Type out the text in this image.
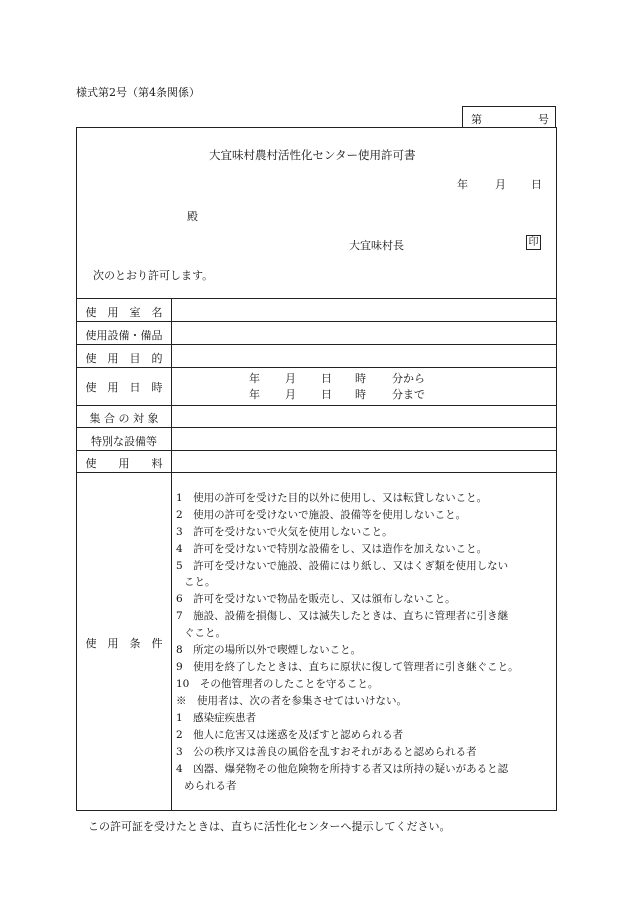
様式第2号（第4条関係）
第	号
大宜味村農村活性化センター使用許可書
年 月 日
殿
大宜味村長	印
次のとおり許可します。
使　用　室　名
使用設備・備品
使　用　目　的
使　用　日　時
集 合 の 対 象
特別な設備等
使　　用　　料
使　用　条　件
年 月 日 時 分から
年 月 日 時 分まで
1　使用の許可を受けた目的以外に使用し、又は転貸しないこと。
2　使用の許可を受けないで施設、設備等を使用しないこと。
3　許可を受けないで火気を使用しないこと。
4　許可を受けないで特別な設備をし、又は造作を加えないこと。
5　許可を受けないで施設、設備にはり紙し、又はくぎ類を使用しない
こと。
6　許可を受けないで物品を販売し、又は頒布しないこと。
7　施設、設備を損傷し、又は滅失したときは、直ちに管理者に引き継
ぐこと。
8　所定の場所以外で喫煙しないこと。
9　使用を終了したときは、直ちに原状に復して管理者に引き継ぐこと。
10　その他管理者のしたことを守ること。
※　使用者は、次の者を参集させてはいけない。
1　感染症疾患者
2　他人に危害又は迷惑を及ぼすと認められる者
3　公の秩序又は善良の風俗を乱すおそれがあると認められる者
4　凶器、爆発物その他危険物を所持する者又は所持の疑いがあると認
められる者
この許可証を受けたときは、直ちに活性化センターへ提示してください。
